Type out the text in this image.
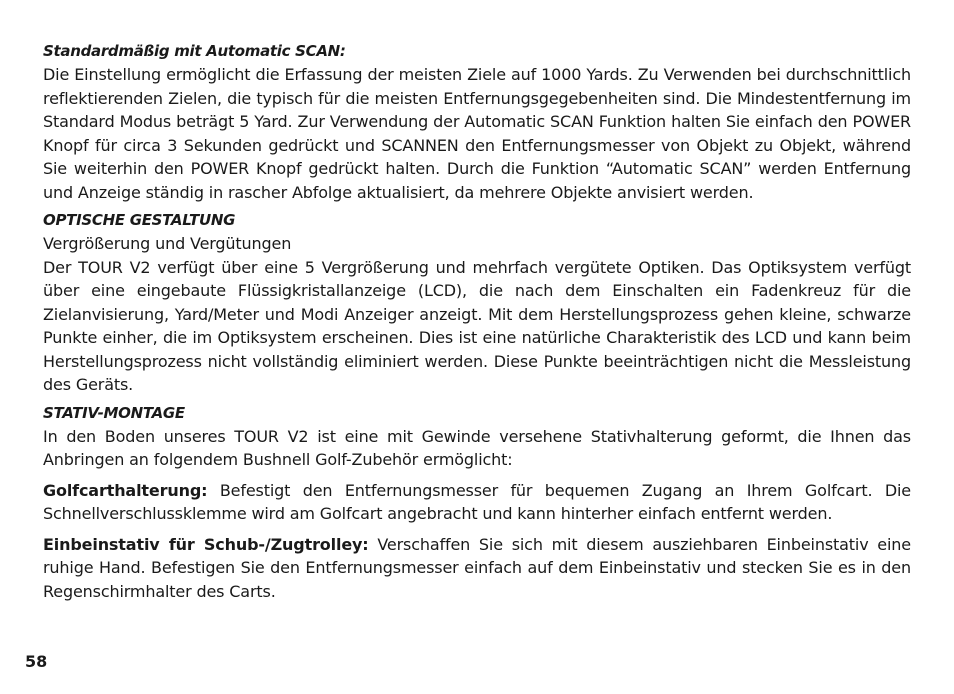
Standardmäßig mit Automatic SCAN:

Die Einstellung ermöglicht die Erfassung der meisten Ziele auf 1000 Yards. Zu Verwenden bei durchschnittlich reflektierenden Zielen, die typisch für die meisten Entfernungsgegebenheiten sind. Die Mindestentfernung im Standard Modus beträgt 5 Yard. Zur Verwendung der Automatic SCAN Funktion halten Sie einfach den POWER Knopf für circa 3 Sekunden gedrückt und SCANNEN den Entfernungsmesser von Objekt zu Objekt, während Sie weiterhin den POWER Knopf gedrückt halten. Durch die Funktion “Automatic SCAN” werden Entfernung und Anzeige ständig in rascher Abfolge aktualisiert, da mehrere Objekte anvisiert werden.

OPTISCHE GESTALTUNG

Vergrößerung und Vergütungen

Der TOUR V2 verfügt über eine 5 Vergrößerung und mehrfach vergütete Optiken. Das Optiksystem verfügt über eine eingebaute Flüssigkristallanzeige (LCD), die nach dem Einschalten ein Fadenkreuz für die Zielanvisierung, Yard/Meter und Modi Anzeiger anzeigt. Mit dem Herstellungsprozess gehen kleine, schwarze Punkte einher, die im Optiksystem erscheinen. Dies ist eine natürliche Charakteristik des LCD und kann beim Herstellungsprozess nicht vollständig eliminiert werden. Diese Punkte beeinträchtigen nicht die Messleistung des Geräts.

STATIV-MONTAGE

In den Boden unseres TOUR V2 ist eine mit Gewinde versehene Stativhalterung geformt, die Ihnen das Anbringen an folgendem Bushnell Golf-Zubehör ermöglicht:

Golfcarthalterung: Befestigt den Entfernungsmesser für bequemen Zugang an Ihrem Golfcart. Die Schnellverschlussklemme wird am Golfcart angebracht und kann hinterher einfach entfernt werden.

Einbeinstativ für Schub-/Zugtrolley: Verschaffen Sie sich mit diesem ausziehbaren Einbeinstativ eine ruhige Hand. Befestigen Sie den Entfernungsmesser einfach auf dem Einbeinstativ und stecken Sie es in den Regenschirmhalter des Carts.

58
